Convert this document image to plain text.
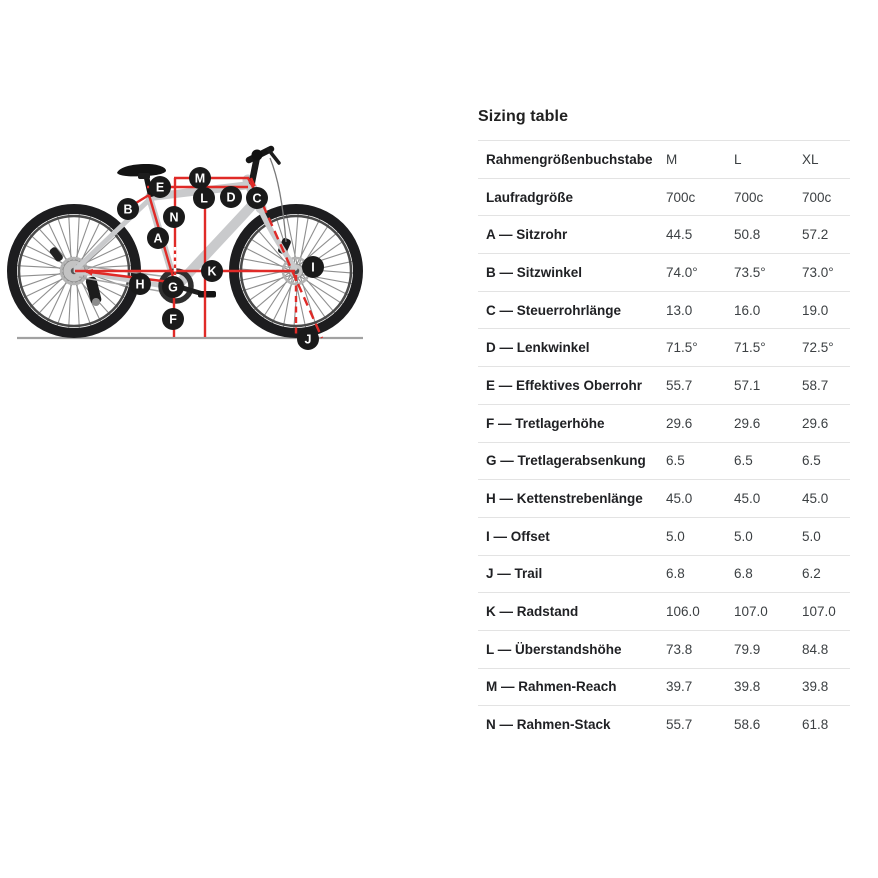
A
B
C
D
E
F
G
H
I
J
K
L
M
N
Sizing table
Rahmengrößenbuchstabe M	L	XL
Laufradgröße	700c	700c	700c
A — Sitzrohr	44.5	50.8	57.2
B — Sitzwinkel	74.0°	73.5°	73.0°
C — Steuerrohrlänge	13.0	16.0	19.0
D — Lenkwinkel	71.5°	71.5°	72.5°
E — Effektives Oberrohr	55.7	57.1	58.7
F — Tretlagerhöhe	29.6	29.6	29.6
G — Tretlagerabsenkung	6.5	6.5	6.5
H — Kettenstrebenlänge	45.0	45.0	45.0
I — Offset	5.0	5.0	5.0
J — Trail	6.8	6.8	6.2
K — Radstand	106.0	107.0	107.0
L — Überstandshöhe	73.8	79.9	84.8
M — Rahmen-Reach	39.7	39.8	39.8
N — Rahmen-Stack	55.7	58.6	61.8
